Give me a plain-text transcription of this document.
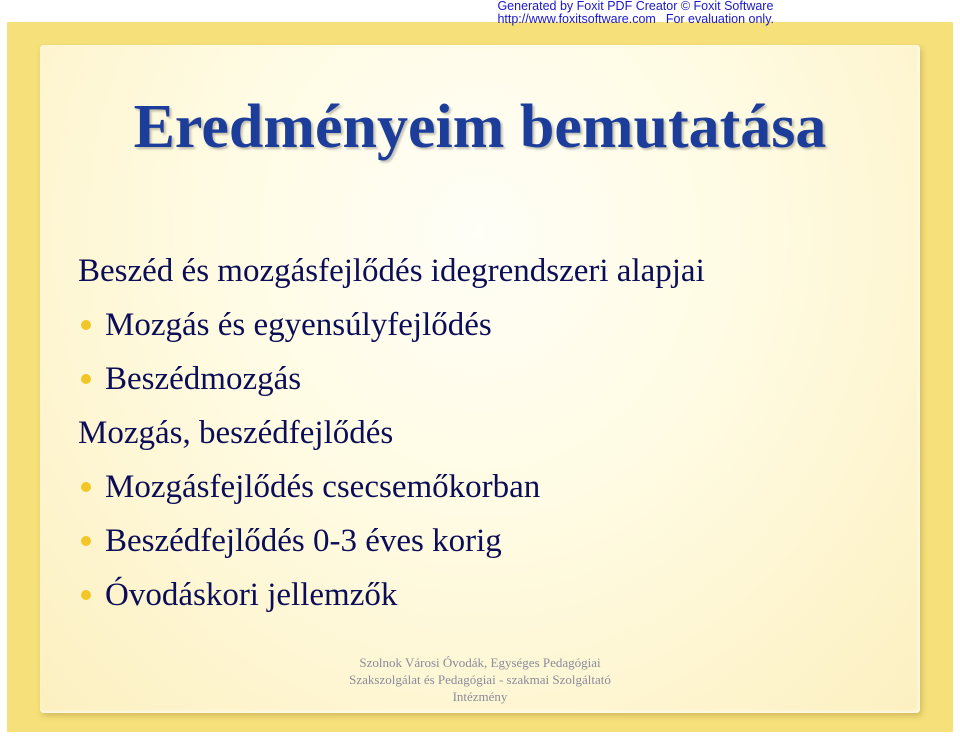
Generated by Foxit PDF Creator © Foxit Software
http://www.foxitsoftware.com For evaluation only.
Eredményeim bemutatása
Beszéd és mozgásfejlődés idegrendszeri alapjai
Mozgás és egyensúlyfejlődés
Beszédmozgás
Mozgás, beszédfejlődés
Mozgásfejlődés csecsemőkorban
Beszédfejlődés 0-3 éves korig
Óvodáskori jellemzők
Szolnok Városi Óvodák, Egységes Pedagógiai
Szakszolgálat és Pedagógiai - szakmai Szolgáltató
Intézmény
